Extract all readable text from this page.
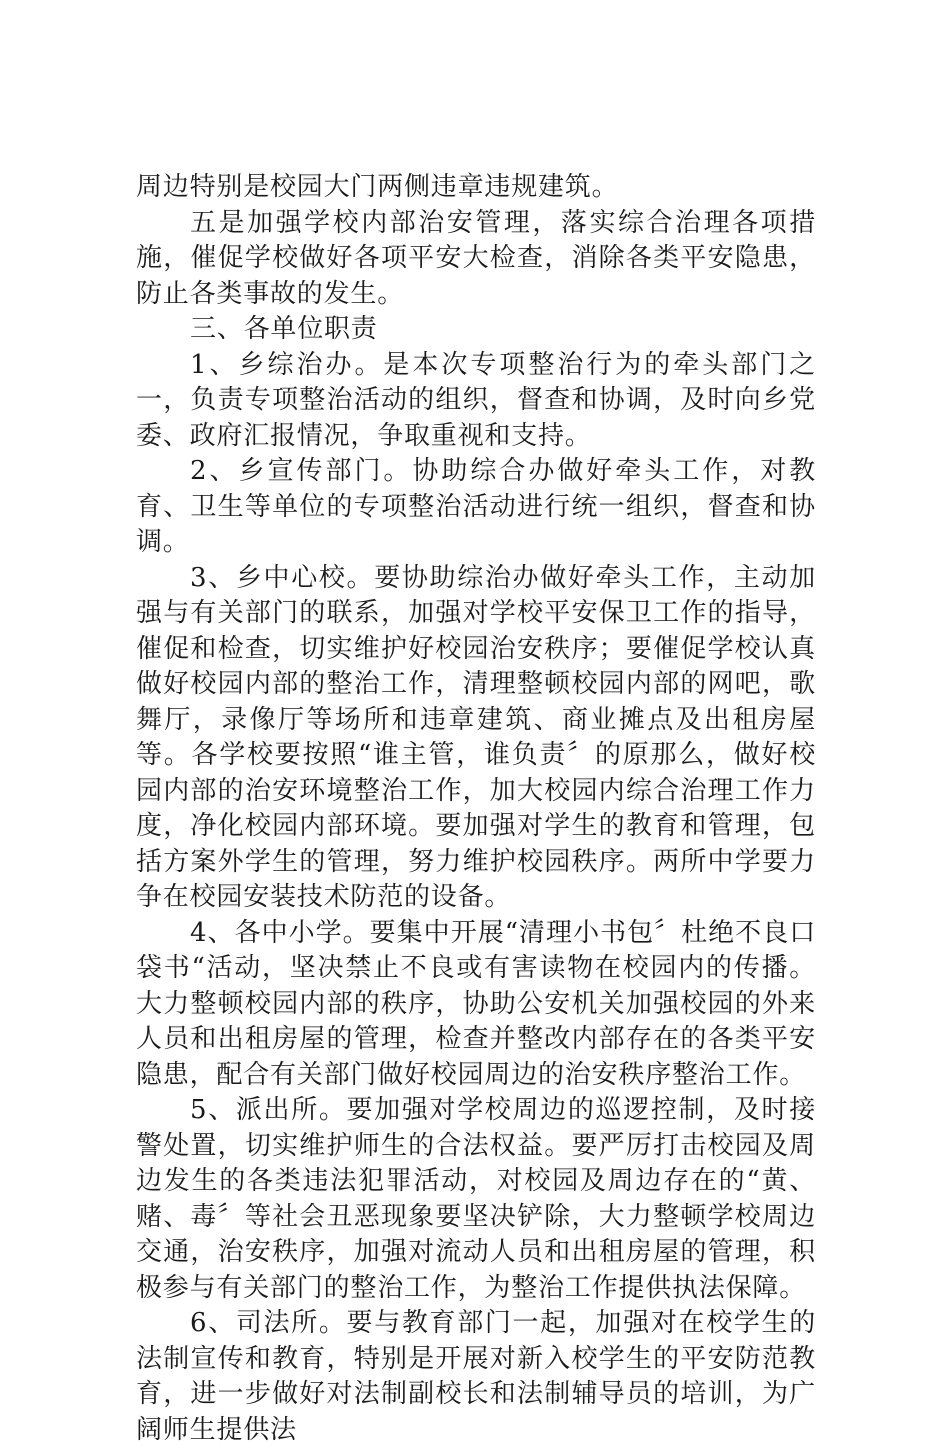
周边特别是校园大门两侧违章违规建筑。

五是加强学校内部治安管理，落实综合治理各项措施，催促学校做好各项平安大检查，消除各类平安隐患，防止各类事故的发生。

三、各单位职责

1、乡综治办。是本次专项整治行为的牵头部门之一，负责专项整治活动的组织，督查和协调，及时向乡党委、政府汇报情况，争取重视和支持。

2、乡宣传部门。协助综合办做好牵头工作，对教育、卫生等单位的专项整治活动进行统一组织，督查和协调。

3、乡中心校。要协助综治办做好牵头工作，主动加强与有关部门的联系，加强对学校平安保卫工作的指导，催促和检查，切实维护好校园治安秩序；要催促学校认真做好校园内部的整治工作，清理整顿校园内部的网吧，歌舞厅，录像厅等场所和违章建筑、商业摊点及出租房屋等。各学校要按照“谁主管，谁负责〞的原那么，做好校园内部的治安环境整治工作，加大校园内综合治理工作力度，净化校园内部环境。要加强对学生的教育和管理，包括方案外学生的管理，努力维护校园秩序。两所中学要力争在校园安装技术防范的设备。

4、各中小学。要集中开展“清理小书包〞杜绝不良口袋书“活动，坚决禁止不良或有害读物在校园内的传播。大力整顿校园内部的秩序，协助公安机关加强校园的外来人员和出租房屋的管理，检查并整改内部存在的各类平安隐患，配合有关部门做好校园周边的治安秩序整治工作。

5、派出所。要加强对学校周边的巡逻控制，及时接警处置，切实维护师生的合法权益。要严厉打击校园及周边发生的各类违法犯罪活动，对校园及周边存在的“黄、赌、毒〞等社会丑恶现象要坚决铲除，大力整顿学校周边交通，治安秩序，加强对流动人员和出租房屋的管理，积极参与有关部门的整治工作，为整治工作提供执法保障。

6、司法所。要与教育部门一起，加强对在校学生的法制宣传和教育，特别是开展对新入校学生的平安防范教育，进一步做好对法制副校长和法制辅导员的培训，为广阔师生提供法
